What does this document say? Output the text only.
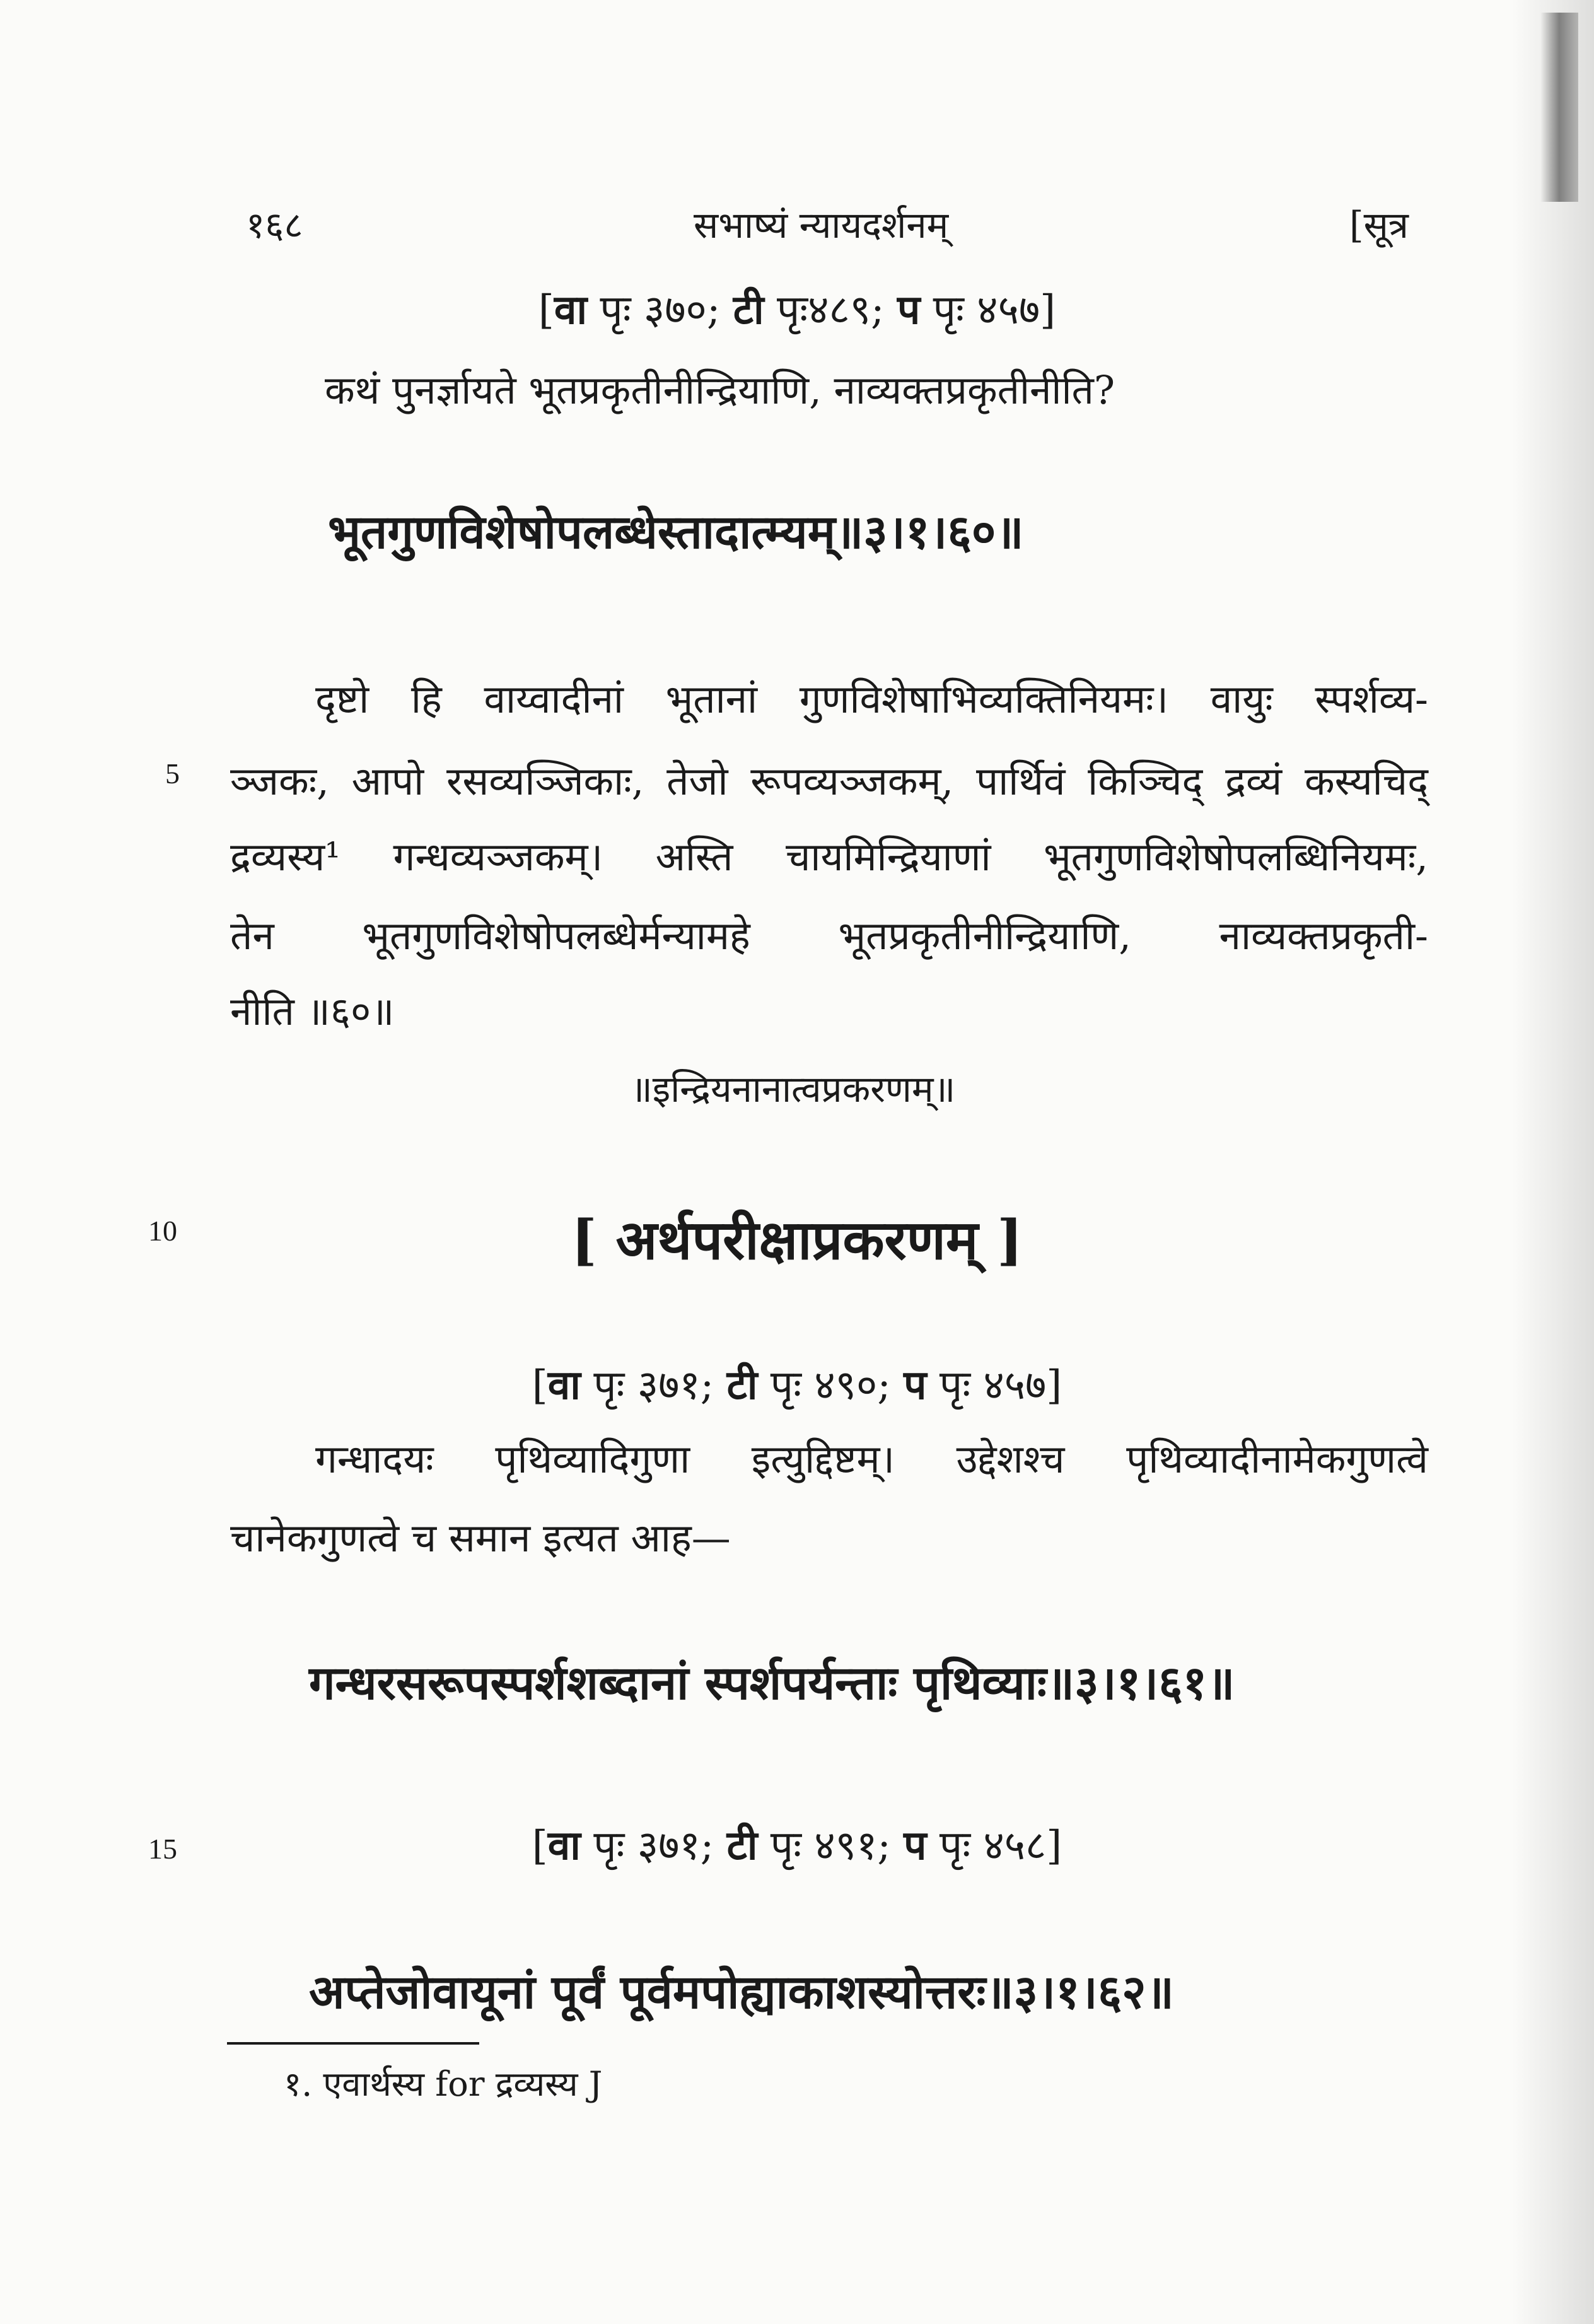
१६८	सभाष्यं न्यायदर्शनम्	[सूत्र
[वा पृः ३७०; टी पृः४८९; प पृः ४५७]
कथं पुनर्ज्ञायते भूतप्रकृतीनीन्द्रियाणि, नाव्यक्तप्रकृतीनीति?
भूतगुणविशेषोपलब्धेस्तादात्म्यम्॥३।१।६०॥
दृष्टो हि वाय्वादीनां भूतानां गुणविशेषाभिव्यक्तिनियमः। वायुः स्पर्शव्य-
ञ्जकः, आपो रसव्यञ्जिकाः, तेजो रूपव्यञ्जकम्, पार्थिवं किञ्चिद् द्रव्यं कस्यचिद्
द्रव्यस्य¹ गन्धव्यञ्जकम्। अस्ति चायमिन्द्रियाणां भूतगुणविशेषोपलब्धिनियमः,
तेन भूतगुणविशेषोपलब्धेर्मन्यामहे भूतप्रकृतीनीन्द्रियाणि, नाव्यक्तप्रकृती-
नीति ॥६०॥
॥इन्द्रियनानात्वप्रकरणम्॥
[ अर्थपरीक्षाप्रकरणम् ]
[वा पृः ३७१; टी पृः ४९०; प पृः ४५७]
गन्धादयः पृथिव्यादिगुणा इत्युद्दिष्टम्। उद्देशश्च पृथिव्यादीनामेकगुणत्वे
चानेकगुणत्वे च समान इत्यत आह—
गन्धरसरूपस्पर्शशब्दानां स्पर्शपर्यन्ताः पृथिव्याः॥३।१।६१॥
[वा पृः ३७१; टी पृः ४९१; प पृः ४५८]
अप्तेजोवायूनां पूर्वं पूर्वमपोह्याकाशस्योत्तरः॥३।१।६२॥
5
10
15
१. एवार्थस्य for द्रव्यस्य J
